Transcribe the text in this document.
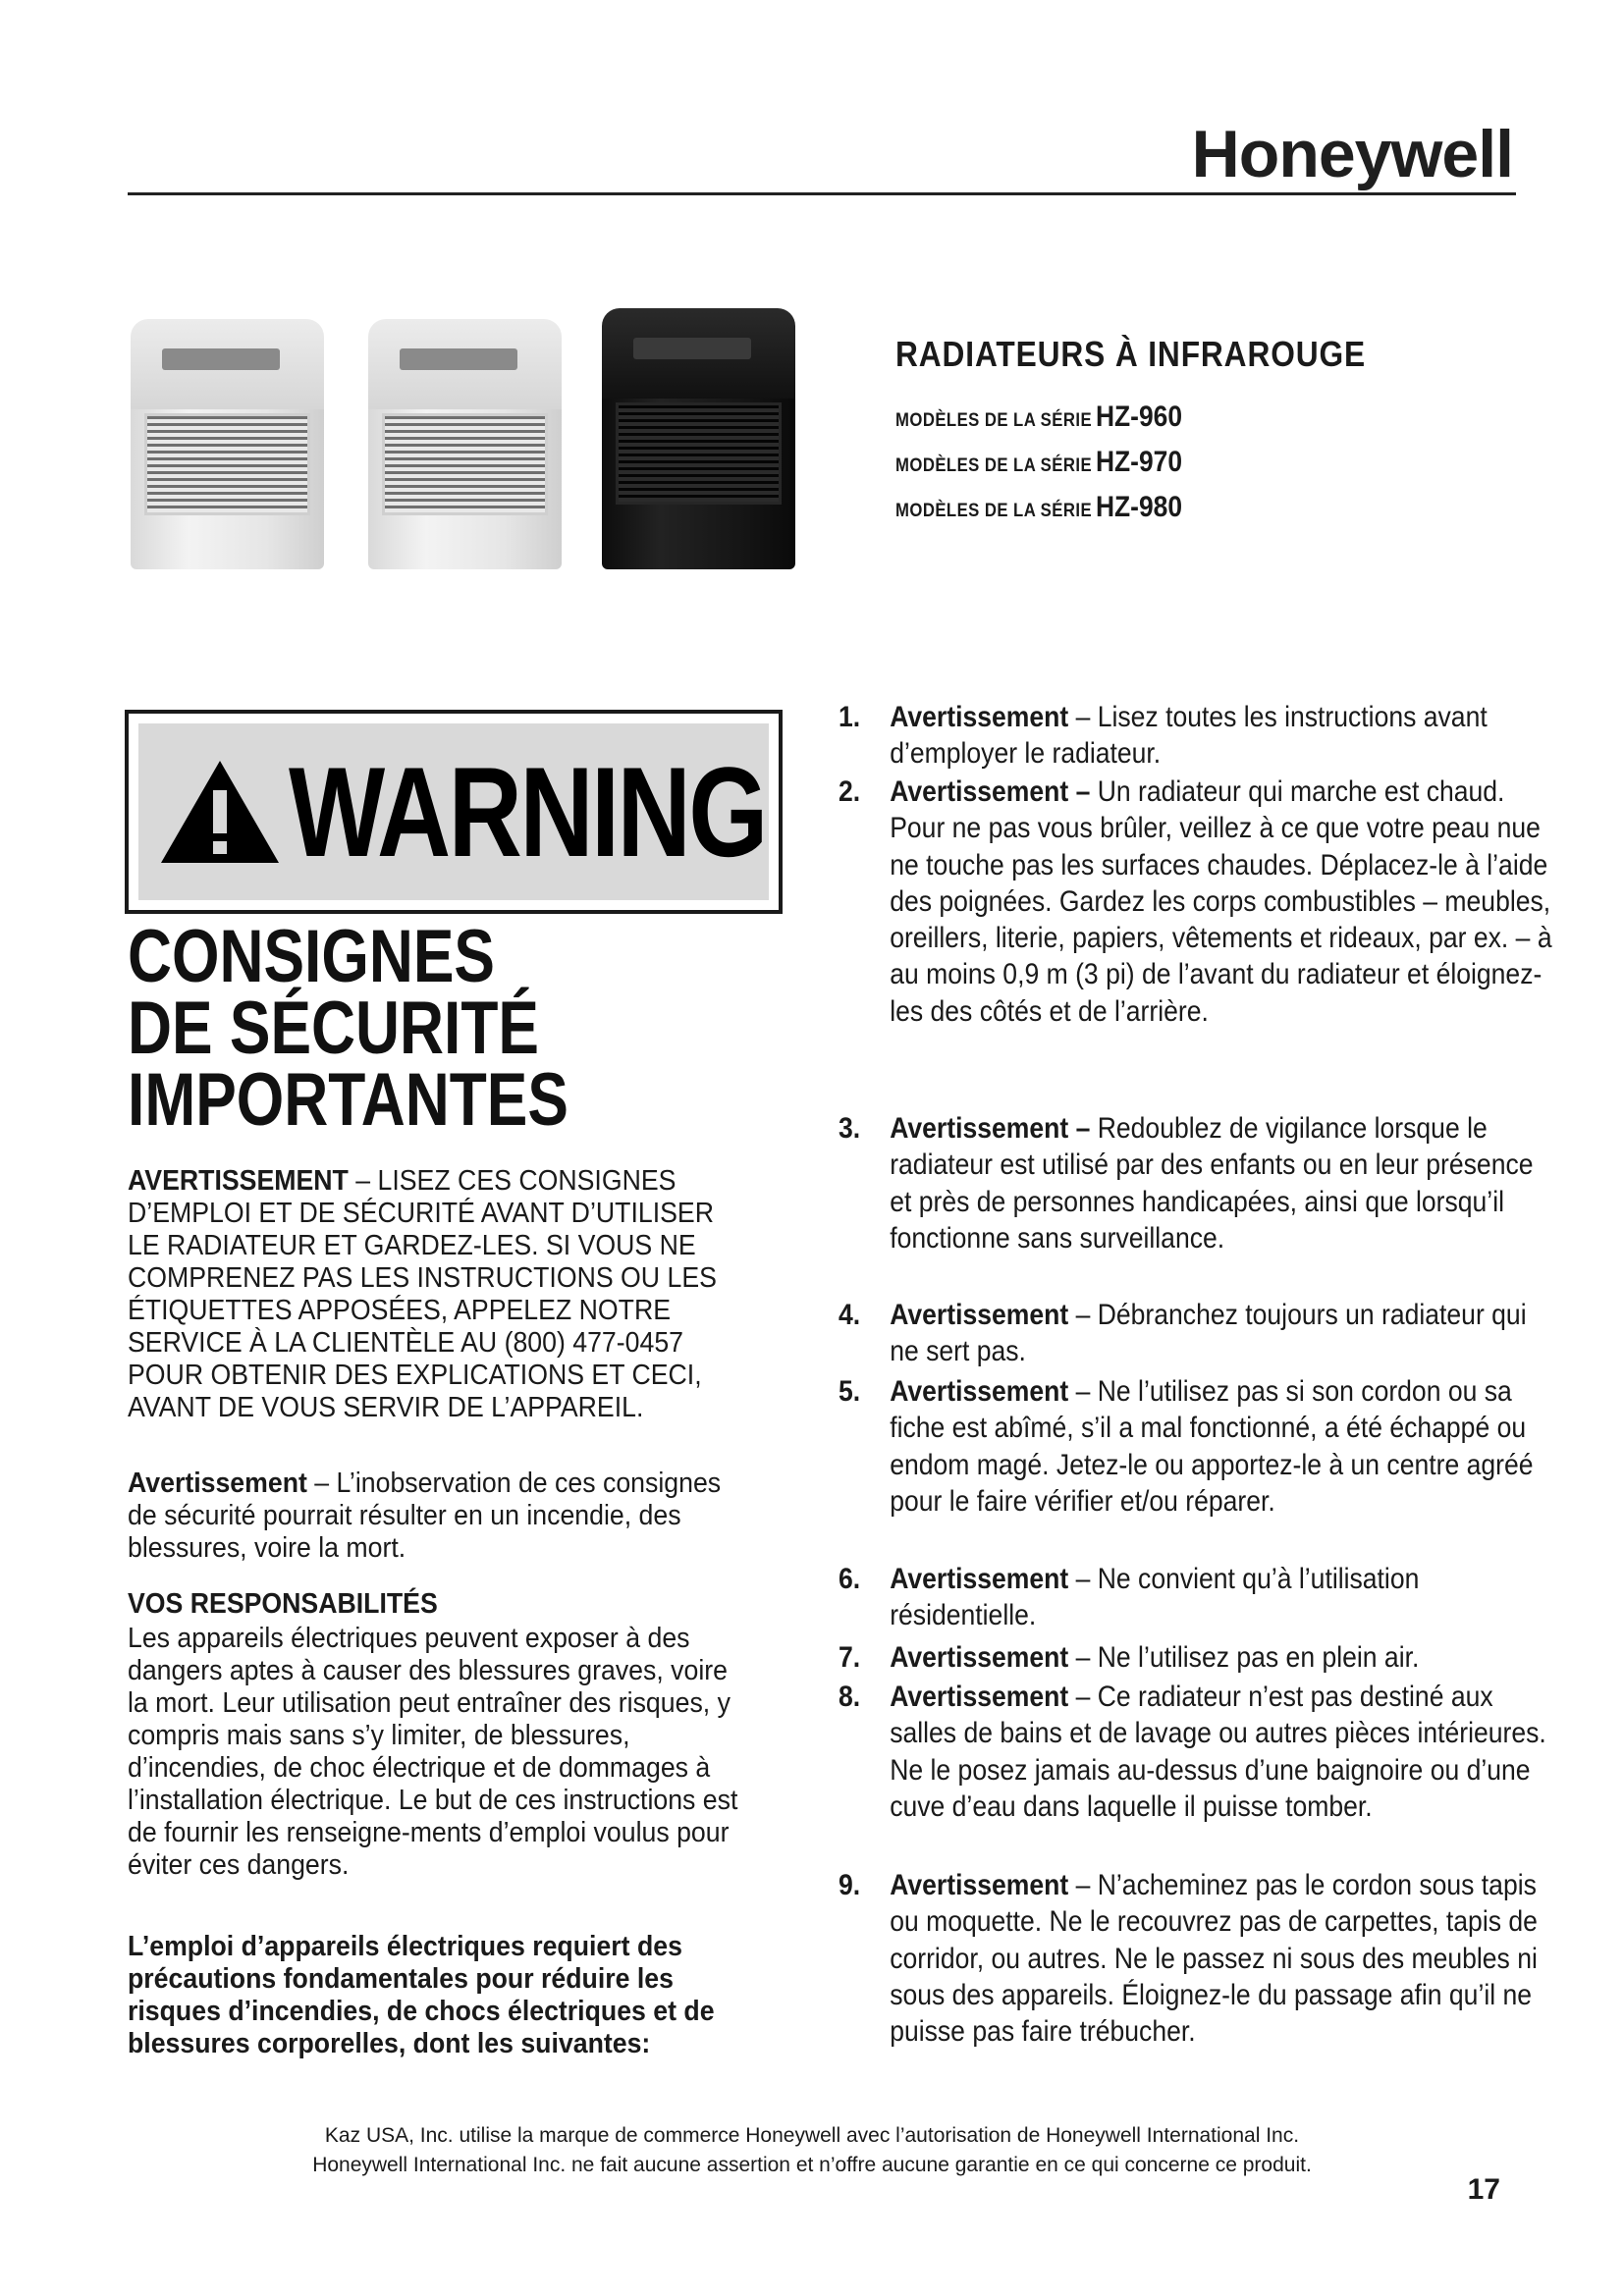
Honeywell
RADIATEURS À INFRAROUGE
MODÈLES DE LA SÉRIE HZ-960
MODÈLES DE LA SÉRIE HZ-970
MODÈLES DE LA SÉRIE HZ-980
WARNING
CONSIGNES
DE SÉCURITÉ
IMPORTANTES
AVERTISSEMENT – LISEZ CES CONSIGNES D’EMPLOI ET DE SÉCURITÉ AVANT D’UTILISER LE RADIATEUR ET GARDEZ-LES. SI VOUS NE COMPRENEZ PAS LES INSTRUCTIONS OU LES ÉTIQUETTES APPOSÉES, APPELEZ NOTRE SERVICE À LA CLIENTÈLE AU (800) 477-0457 POUR OBTENIR DES EXPLICATIONS ET CECI, AVANT DE VOUS SERVIR DE L’APPAREIL.
Avertissement – L’inobservation de ces consignes de sécurité pourrait résulter en un incendie, des blessures, voire la mort.
VOS RESPONSABILITÉS
Les appareils électriques peuvent exposer à des dangers aptes à causer des blessures graves, voire la mort. Leur utilisation peut entraîner des risques, y compris mais sans s’y limiter, de blessures, d’incendies, de choc électrique et de dommages à l’installation électrique. Le but de ces instructions est de fournir les renseigne-ments d’emploi voulus pour éviter ces dangers.
L’emploi d’appareils électriques requiert des précautions fondamentales pour réduire les risques d’incendies, de chocs électriques et de blessures corporelles, dont les suivantes:
1. Avertissement – Lisez toutes les instructions avant d’employer le radiateur.
2. Avertissement – Un radiateur qui marche est chaud. Pour ne pas vous brûler, veillez à ce que votre peau nue ne touche pas les surfaces chaudes. Déplacez-le à l’aide des poignées. Gardez les corps combustibles – meubles, oreillers, literie, papiers, vêtements et rideaux, par ex. – à au moins 0,9 m (3 pi) de l’avant du radiateur et éloignez-les des côtés et de l’arrière.
3. Avertissement – Redoublez de vigilance lorsque le radiateur est utilisé par des enfants ou en leur présence et près de personnes handicapées, ainsi que lorsqu’il fonctionne sans surveillance.
4. Avertissement – Débranchez toujours un radiateur qui ne sert pas.
5. Avertissement – Ne l’utilisez pas si son cordon ou sa fiche est abîmé, s’il a mal fonctionné, a été échappé ou endom magé. Jetez-le ou apportez-le à un centre agréé pour le faire vérifier et/ou réparer.
6. Avertissement – Ne convient qu’à l’utilisation résidentielle.
7. Avertissement – Ne l’utilisez pas en plein air.
8. Avertissement – Ce radiateur n’est pas destiné aux salles de bains et de lavage ou autres pièces intérieures. Ne le posez jamais au-dessus d’une baignoire ou d’une cuve d’eau dans laquelle il puisse tomber.
9. Avertissement – N’acheminez pas le cordon sous tapis ou moquette. Ne le recouvrez pas de carpettes, tapis de corridor, ou autres. Ne le passez ni sous des meubles ni sous des appareils. Éloignez-le du passage afin qu’il ne puisse pas faire trébucher.
Kaz USA, Inc. utilise la marque de commerce Honeywell avec l’autorisation de Honeywell International Inc.
Honeywell International Inc. ne fait aucune assertion et n’offre aucune garantie en ce qui concerne ce produit.
17
